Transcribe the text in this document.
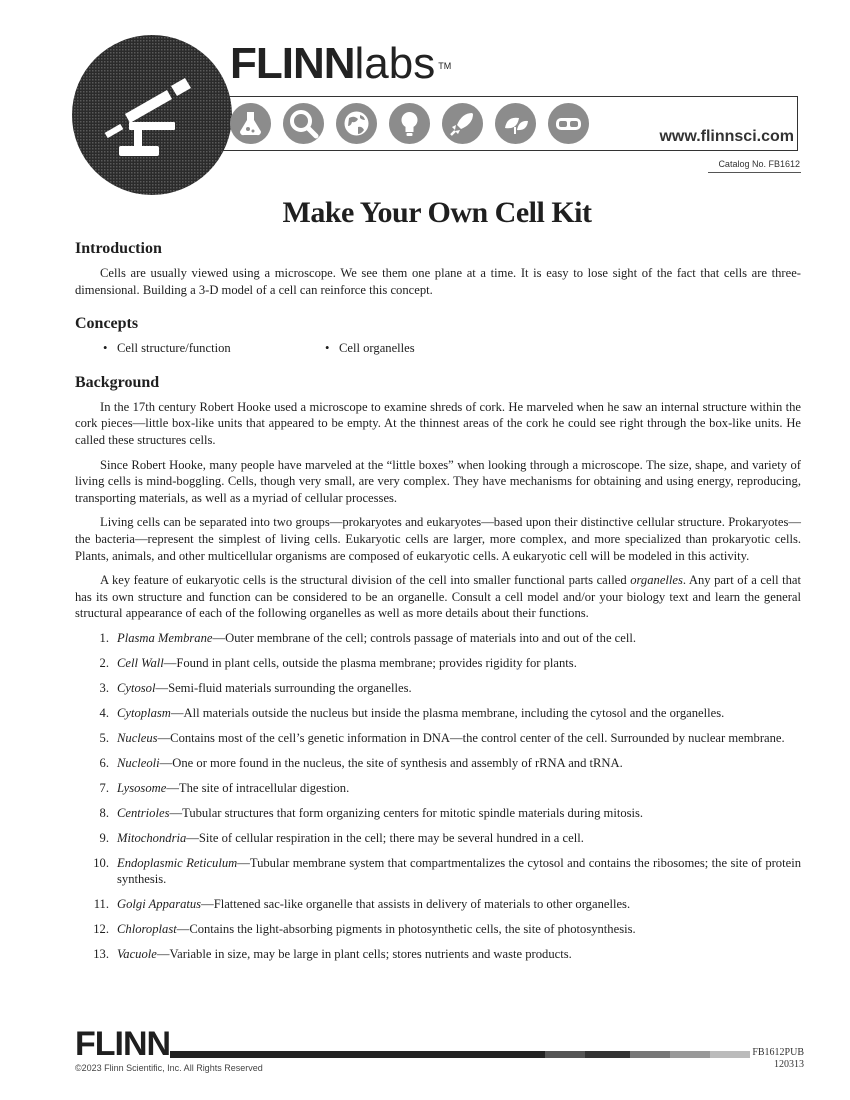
FLINNlabs ™
www.flinnsci.com
Catalog No. FB1612
Make Your Own Cell Kit
Introduction

Cells are usually viewed using a microscope. We see them one plane at a time. It is easy to lose sight of the fact that cells are three-dimensional. Building a 3-D model of a cell can reinforce this concept.

Concepts
• Cell structure/function
•	Cell organelles
Background

In the 17th century Robert Hooke used a microscope to examine shreds of cork. He marveled when he saw an internal structure within the cork pieces—little box-like units that appeared to be empty. At the thinnest areas of the cork he could see right through the box-like units. He called these structures cells.

Since Robert Hooke, many people have marveled at the “little boxes” when looking through a microscope. The size, shape, and variety of living cells is mind-boggling. Cells, though very small, are very complex. They have mechanisms for obtaining and using energy, reproducing, transporting materials, as well as a myriad of cellular processes.

Living cells can be separated into two groups—prokaryotes and eukaryotes—based upon their distinctive cellular structure. Prokaryotes—the bacteria—represent the simplest of living cells. Eukaryotic cells are larger, more complex, and more specialized than prokaryotic cells. Plants, animals, and other multicellular organisms are composed of eukaryotic cells. A eukaryotic cell will be modeled in this activity.

A key feature of eukaryotic cells is the structural division of the cell into smaller functional parts called organelles. Any part of a cell that has its own structure and function can be considered to be an organelle. Consult a cell model and/or your biology text and learn the general structural appearance of each of the following organelles as well as more details about their functions.

1. Plasma Membrane—Outer membrane of the cell; controls passage of materials into and out of the cell.
2. Cell Wall—Found in plant cells, outside the plasma membrane; provides rigidity for plants.
3. Cytosol—Semi-fluid materials surrounding the organelles.
4. Cytoplasm—All materials outside the nucleus but inside the plasma membrane, including the cytosol and the organelles.
5. Nucleus—Contains most of the cell’s genetic information in DNA—the control center of the cell. Surrounded by nuclear membrane.
6. Nucleoli—One or more found in the nucleus, the site of synthesis and assembly of rRNA and tRNA.
7. Lysosome—The site of intracellular digestion.
8. Centrioles—Tubular structures that form organizing centers for mitotic spindle materials during mitosis.
9. Mitochondria—Site of cellular respiration in the cell; there may be several hundred in a cell.
10. Endoplasmic Reticulum—Tubular membrane system that compartmentalizes the cytosol and contains the ribosomes; the site of protein synthesis.
11. Golgi Apparatus—Flattened sac-like organelle that assists in delivery of materials to other organelles.
12. Chloroplast—Contains the light-absorbing pigments in photosynthetic cells, the site of photosynthesis.
13. Vacuole—Variable in size, may be large in plant cells; stores nutrients and waste products.
FLINN
©2023 Flinn Scientific, Inc. All Rights Reserved
FB1612PUB
120313
